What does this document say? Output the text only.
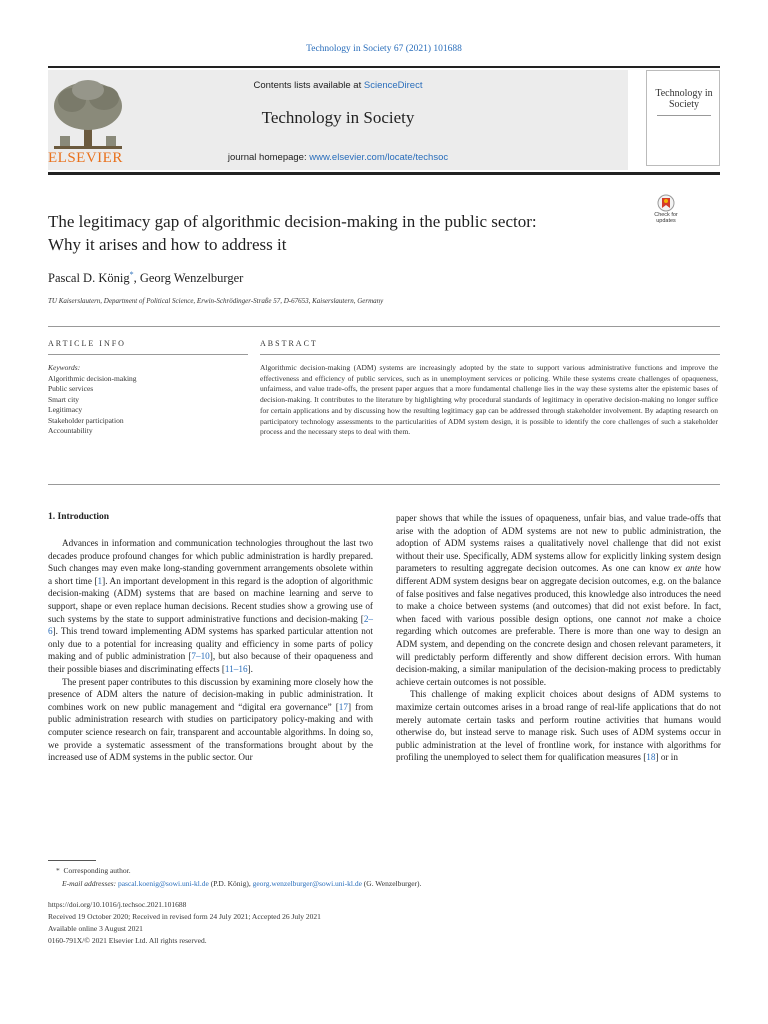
Technology in Society 67 (2021) 101688
ELSEVIER
Contents lists available at ScienceDirect
Technology in Society
journal homepage: www.elsevier.com/locate/techsoc
Technology in Society
The legitimacy gap of algorithmic decision-making in the public sector:
Why it arises and how to address it
Check for updates
Pascal D. König*, Georg Wenzelburger
TU Kaiserslautern, Department of Political Science, Erwin-Schrödinger-Straße 57, D-67653, Kaiserslautern, Germany
ARTICLE INFO	ABSTRACT
Keywords:
Algorithmic decision-making
Public services
Smart city
Legitimacy
Stakeholder participation
Accountability
Algorithmic decision-making (ADM) systems are increasingly adopted by the state to support various administrative functions and improve the effectiveness and efficiency of public services, such as in unemployment services or policing. While these systems create challenges of opaqueness, unfairness, and value trade-offs, the present paper argues that a more fundamental challenge lies in the way these systems alter the epistemic bases of decision-making. It contributes to the literature by highlighting why procedural standards of legitimacy in operative decision-making no longer suffice for certain applications and by discussing how the resulting legitimacy gap can be addressed through stakeholder involvement. By adapting research on participatory technology assessments to the particularities of ADM system design, it is possible to identify the core challenges of such a stakeholder process and the necessary steps to deal with them.
1. Introduction

Advances in information and communication technologies throughout the last two decades produce profound changes for which public administration is hardly prepared. Such changes may even make long-standing government arrangements obsolete within a short time [1]. An important development in this regard is the adoption of algorithmic decision-making (ADM) systems that are based on machine learning and serve to support, shape or even replace human decisions. Recent studies show a growing use of such systems by the state to support administrative functions and decision-making [2–6]. This trend toward implementing ADM systems has sparked particular attention not only due to a potential for increasing quality and efficiency in some parts of policy making and of public administration [7–10], but also because of their opaqueness and their possible biases and discriminating effects [11–16].

The present paper contributes to this discussion by examining more closely how the presence of ADM alters the nature of decision-making in public administration. It combines work on new public management and “digital era governance” [17] from public administration research with studies on participatory policy-making and with computer science research on fair, transparent and accountable algorithms. In doing so, we provide a systematic assessment of the transformations brought about by the increased use of ADM systems in the public sector. Our

paper shows that while the issues of opaqueness, unfair bias, and value trade-offs that arise with the adoption of ADM systems are not new to public administration, the adoption of ADM systems raises a qualitatively novel challenge that did not exist without their use. Specifically, ADM systems allow for explicitly linking system design parameters to resulting aggregate decision outcomes. As one can know ex ante how different ADM system designs bear on aggregate decision outcomes, e.g. on the balance of false positives and false negatives produced, this knowledge also introduces the need to make a choice between systems (and outcomes) that did not exist before. In fact, when faced with various possible design options, one cannot not make a choice regarding which outcomes are preferable. There is more than one way to design an ADM system, and depending on the concrete design and chosen relevant parameters, it will predictably perform differently and show different decision errors. With human decision-making, a similar manipulation of the decision-making process to predictably achieve certain outcomes is not possible.

This challenge of making explicit choices about designs of ADM systems to maximize certain outcomes arises in a broad range of real-life applications that do not merely automate certain tasks and perform routine activities that humans would otherwise do, but instead serve to manage risk. Such uses of ADM systems occur in public administration at the level of frontline work, for instance with algorithms for profiling the unemployed to select them for qualification measures [18] or in

* Corresponding author.
E-mail addresses: pascal.koenig@sowi.uni-kl.de (P.D. König), georg.wenzelburger@sowi.uni-kl.de (G. Wenzelburger).
https://doi.org/10.1016/j.techsoc.2021.101688
Received 19 October 2020; Received in revised form 24 July 2021; Accepted 26 July 2021
Available online 3 August 2021
0160-791X/© 2021 Elsevier Ltd. All rights reserved.
